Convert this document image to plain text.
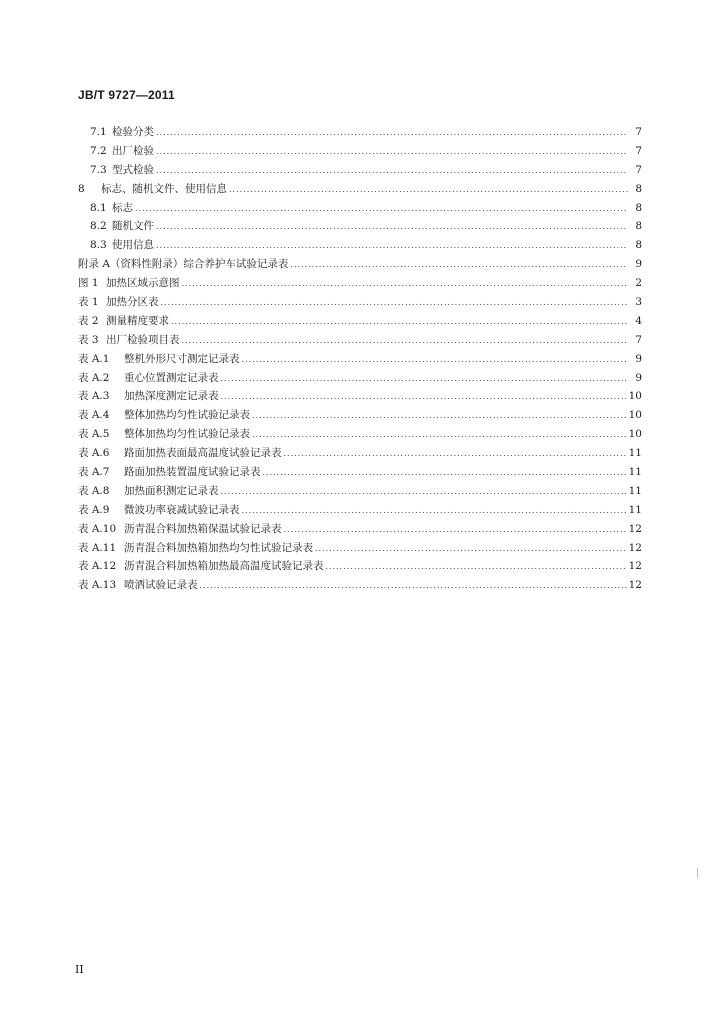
JB/T 9727—2011
7.1 检验分类 .....	7
7.2 出厂检验 .....	7
7.3 型式检验 .....	7
8	标志、随机文件、使用信息 .....	8
8.1 标志 .....	8
8.2 随机文件 .....	8
8.3 使用信息 .....	8
附录 A（资料性附录）综合养护车试验记录表 .....	9
图 1 加热区域示意图 .....	2
表 1 加热分区表 .....	3
表 2 测量精度要求 .....	4
表 3 出厂检验项目表 .....	7
表 A.1	整机外形尺寸测定记录表 .....	9
表 A.2	重心位置测定记录表 .....	9
表 A.3	加热深度测定记录表 .....	10
表 A.4	整体加热均匀性试验记录表 .....	10
表 A.5	整体加热均匀性试验记录表 .....	10
表 A.6	路面加热表面最高温度试验记录表 .....	11
表 A.7	路面加热装置温度试验记录表 .....	11
表 A.8	加热面积测定记录表 .....	11
表 A.9	微波功率衰减试验记录表 .....	11
表 A.10 沥青混合料加热箱保温试验记录表 .....	12
表 A.11 沥青混合料加热箱加热均匀性试验记录表 .....	12
表 A.12 沥青混合料加热箱加热最高温度试验记录表 .....	12
表 A.13 喷洒试验记录表 .....	12
II
